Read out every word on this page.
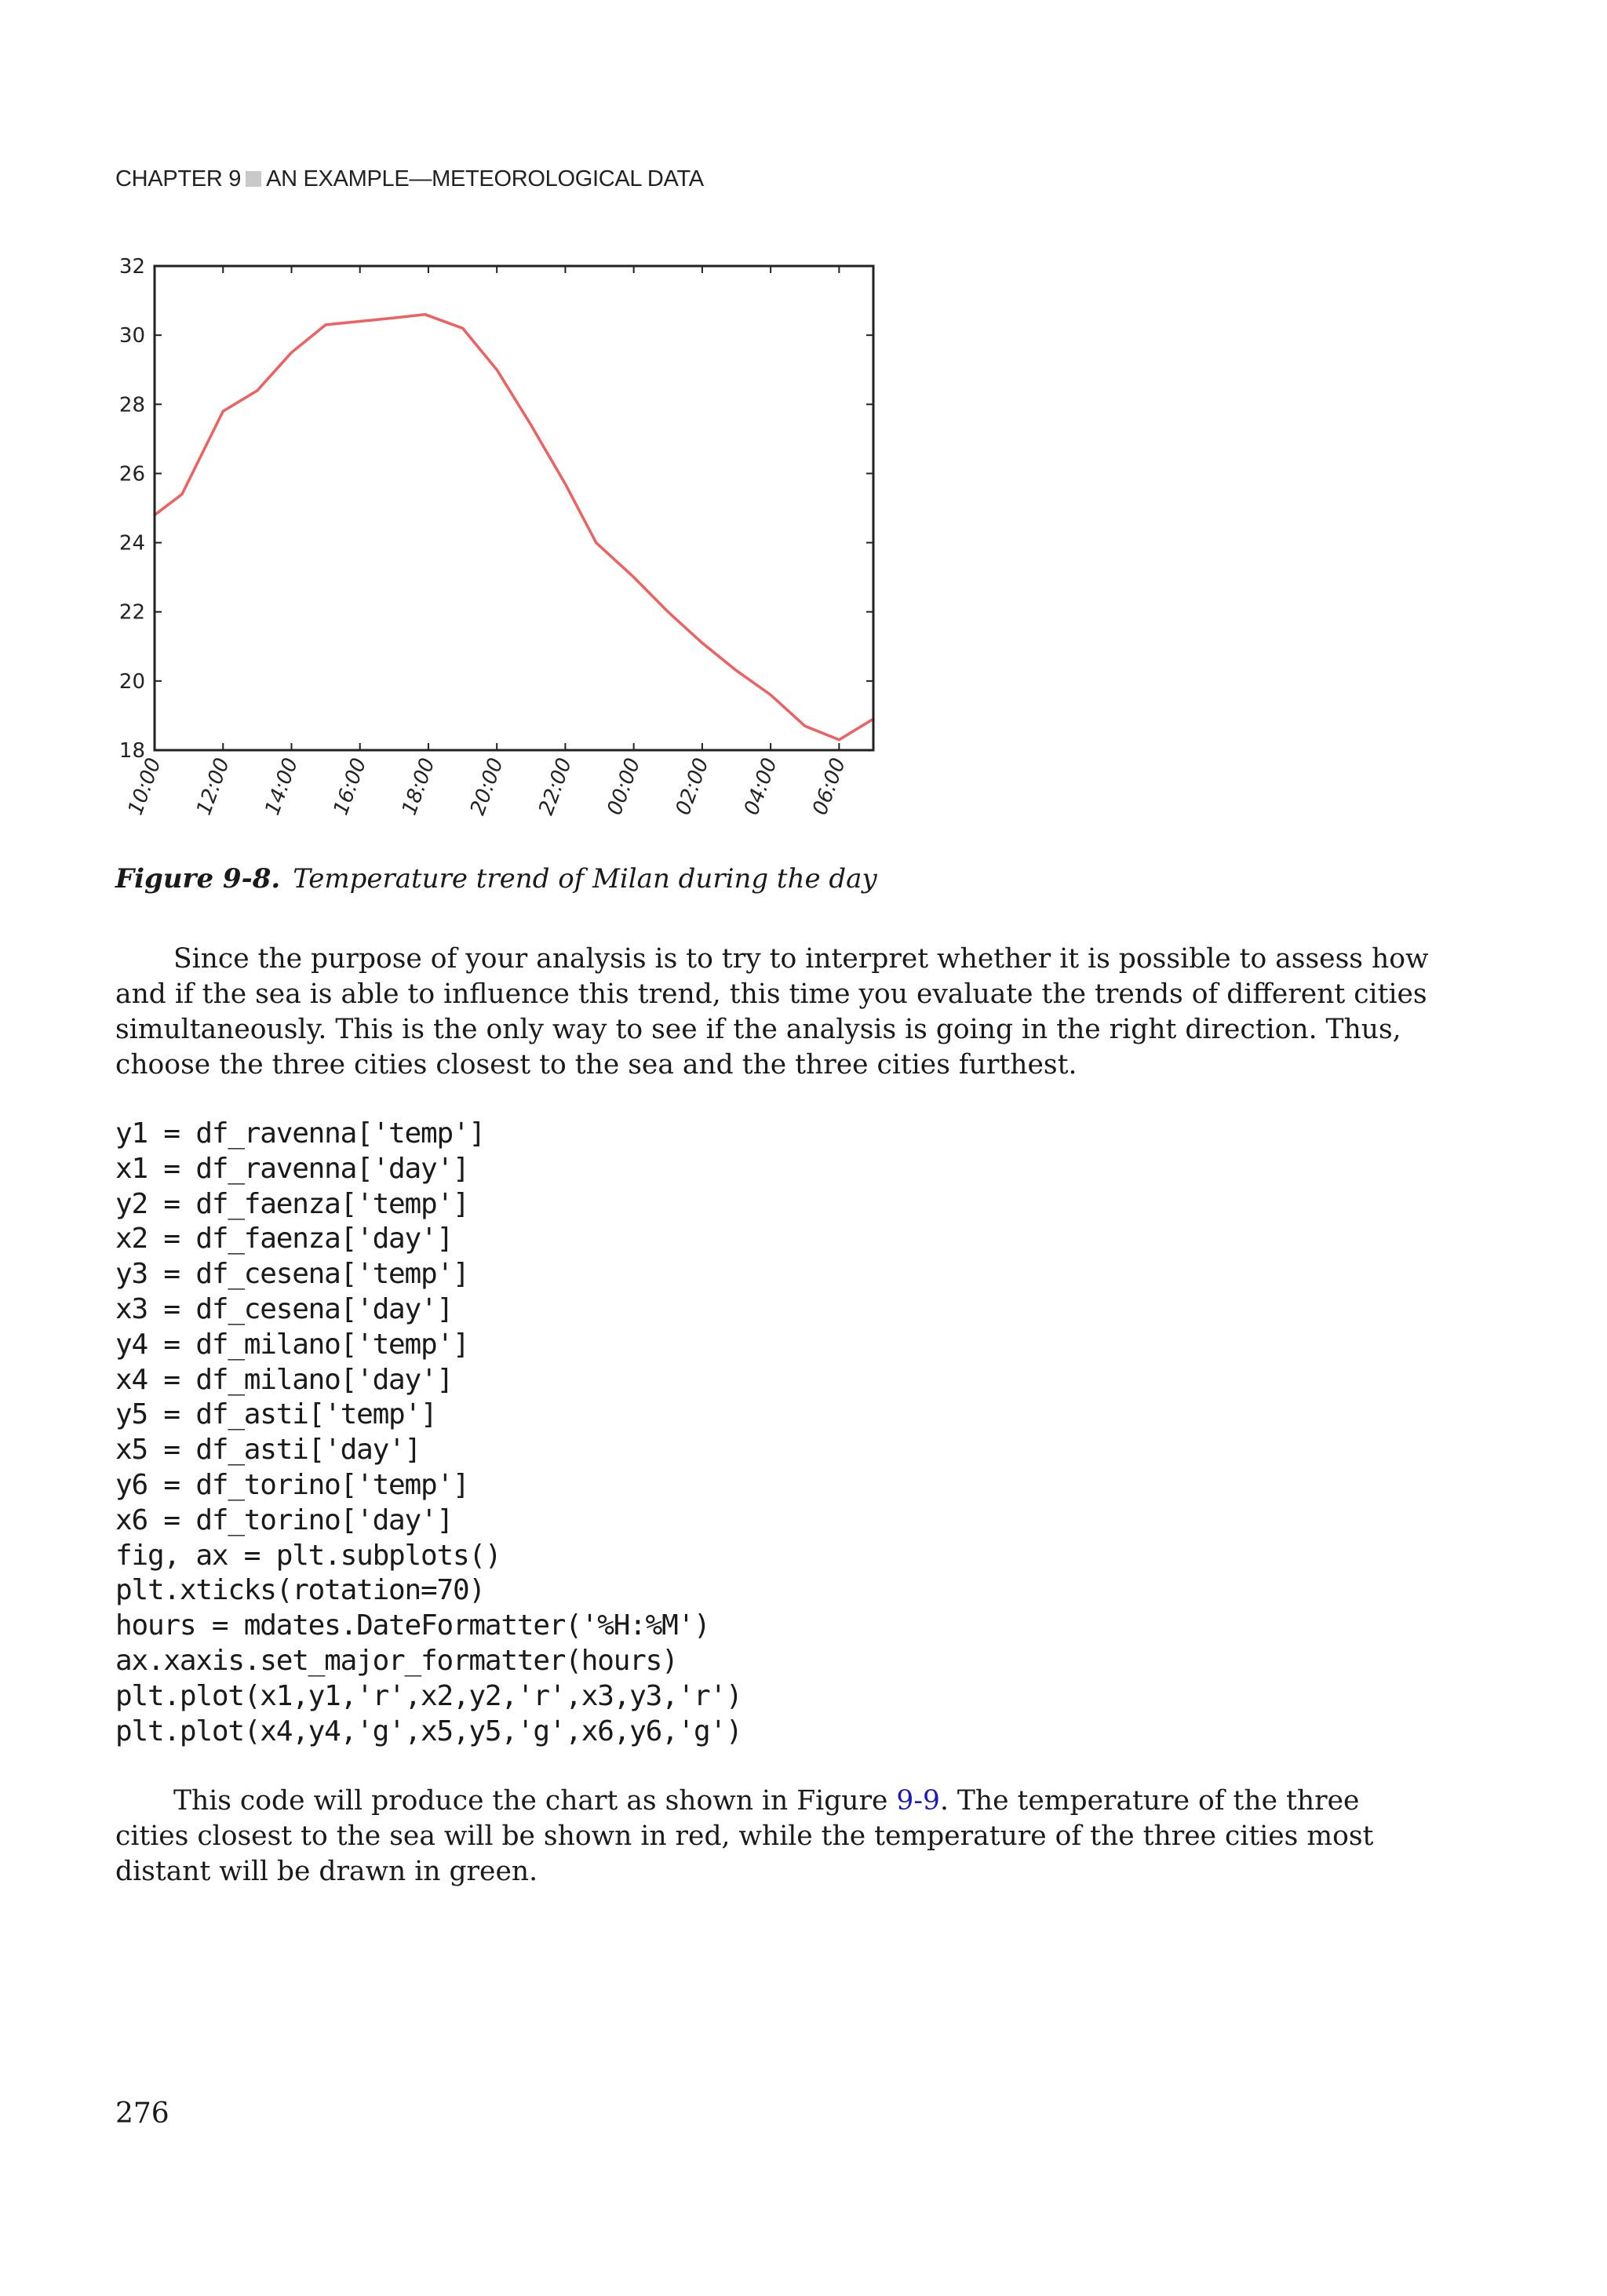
CHAPTER 9 AN EXAMPLE—METEOROLOGICAL DATA
18
20
22
24
26
28
30
32
10:00 12:00 14:00 16:00 18:00 20:00 22:00 00:00 02:00 04:00 06:00
Figure 9-8. Temperature trend of Milan during the day

Since the purpose of your analysis is to try to interpret whether it is possible to assess how and if the sea is able to influence this trend, this time you evaluate the trends of different cities simultaneously. This is the only way to see if the analysis is going in the right direction. Thus, choose the three cities closest to the sea and the three cities furthest.

y1 = df_ravenna['temp']
x1 = df_ravenna['day']
y2 = df_faenza['temp']
x2 = df_faenza['day']
y3 = df_cesena['temp']
x3 = df_cesena['day']
y4 = df_milano['temp']
x4 = df_milano['day']
y5 = df_asti['temp']
x5 = df_asti['day']
y6 = df_torino['temp']
x6 = df_torino['day']
fig, ax = plt.subplots()
plt.xticks(rotation=70)
hours = mdates.DateFormatter('%H:%M')
ax.xaxis.set_major_formatter(hours)
plt.plot(x1,y1,'r',x2,y2,'r',x3,y3,'r')
plt.plot(x4,y4,'g',x5,y5,'g',x6,y6,'g')

This code will produce the chart as shown in Figure 9-9. The temperature of the three cities closest to the sea will be shown in red, while the temperature of the three cities most distant will be drawn in green.

276
